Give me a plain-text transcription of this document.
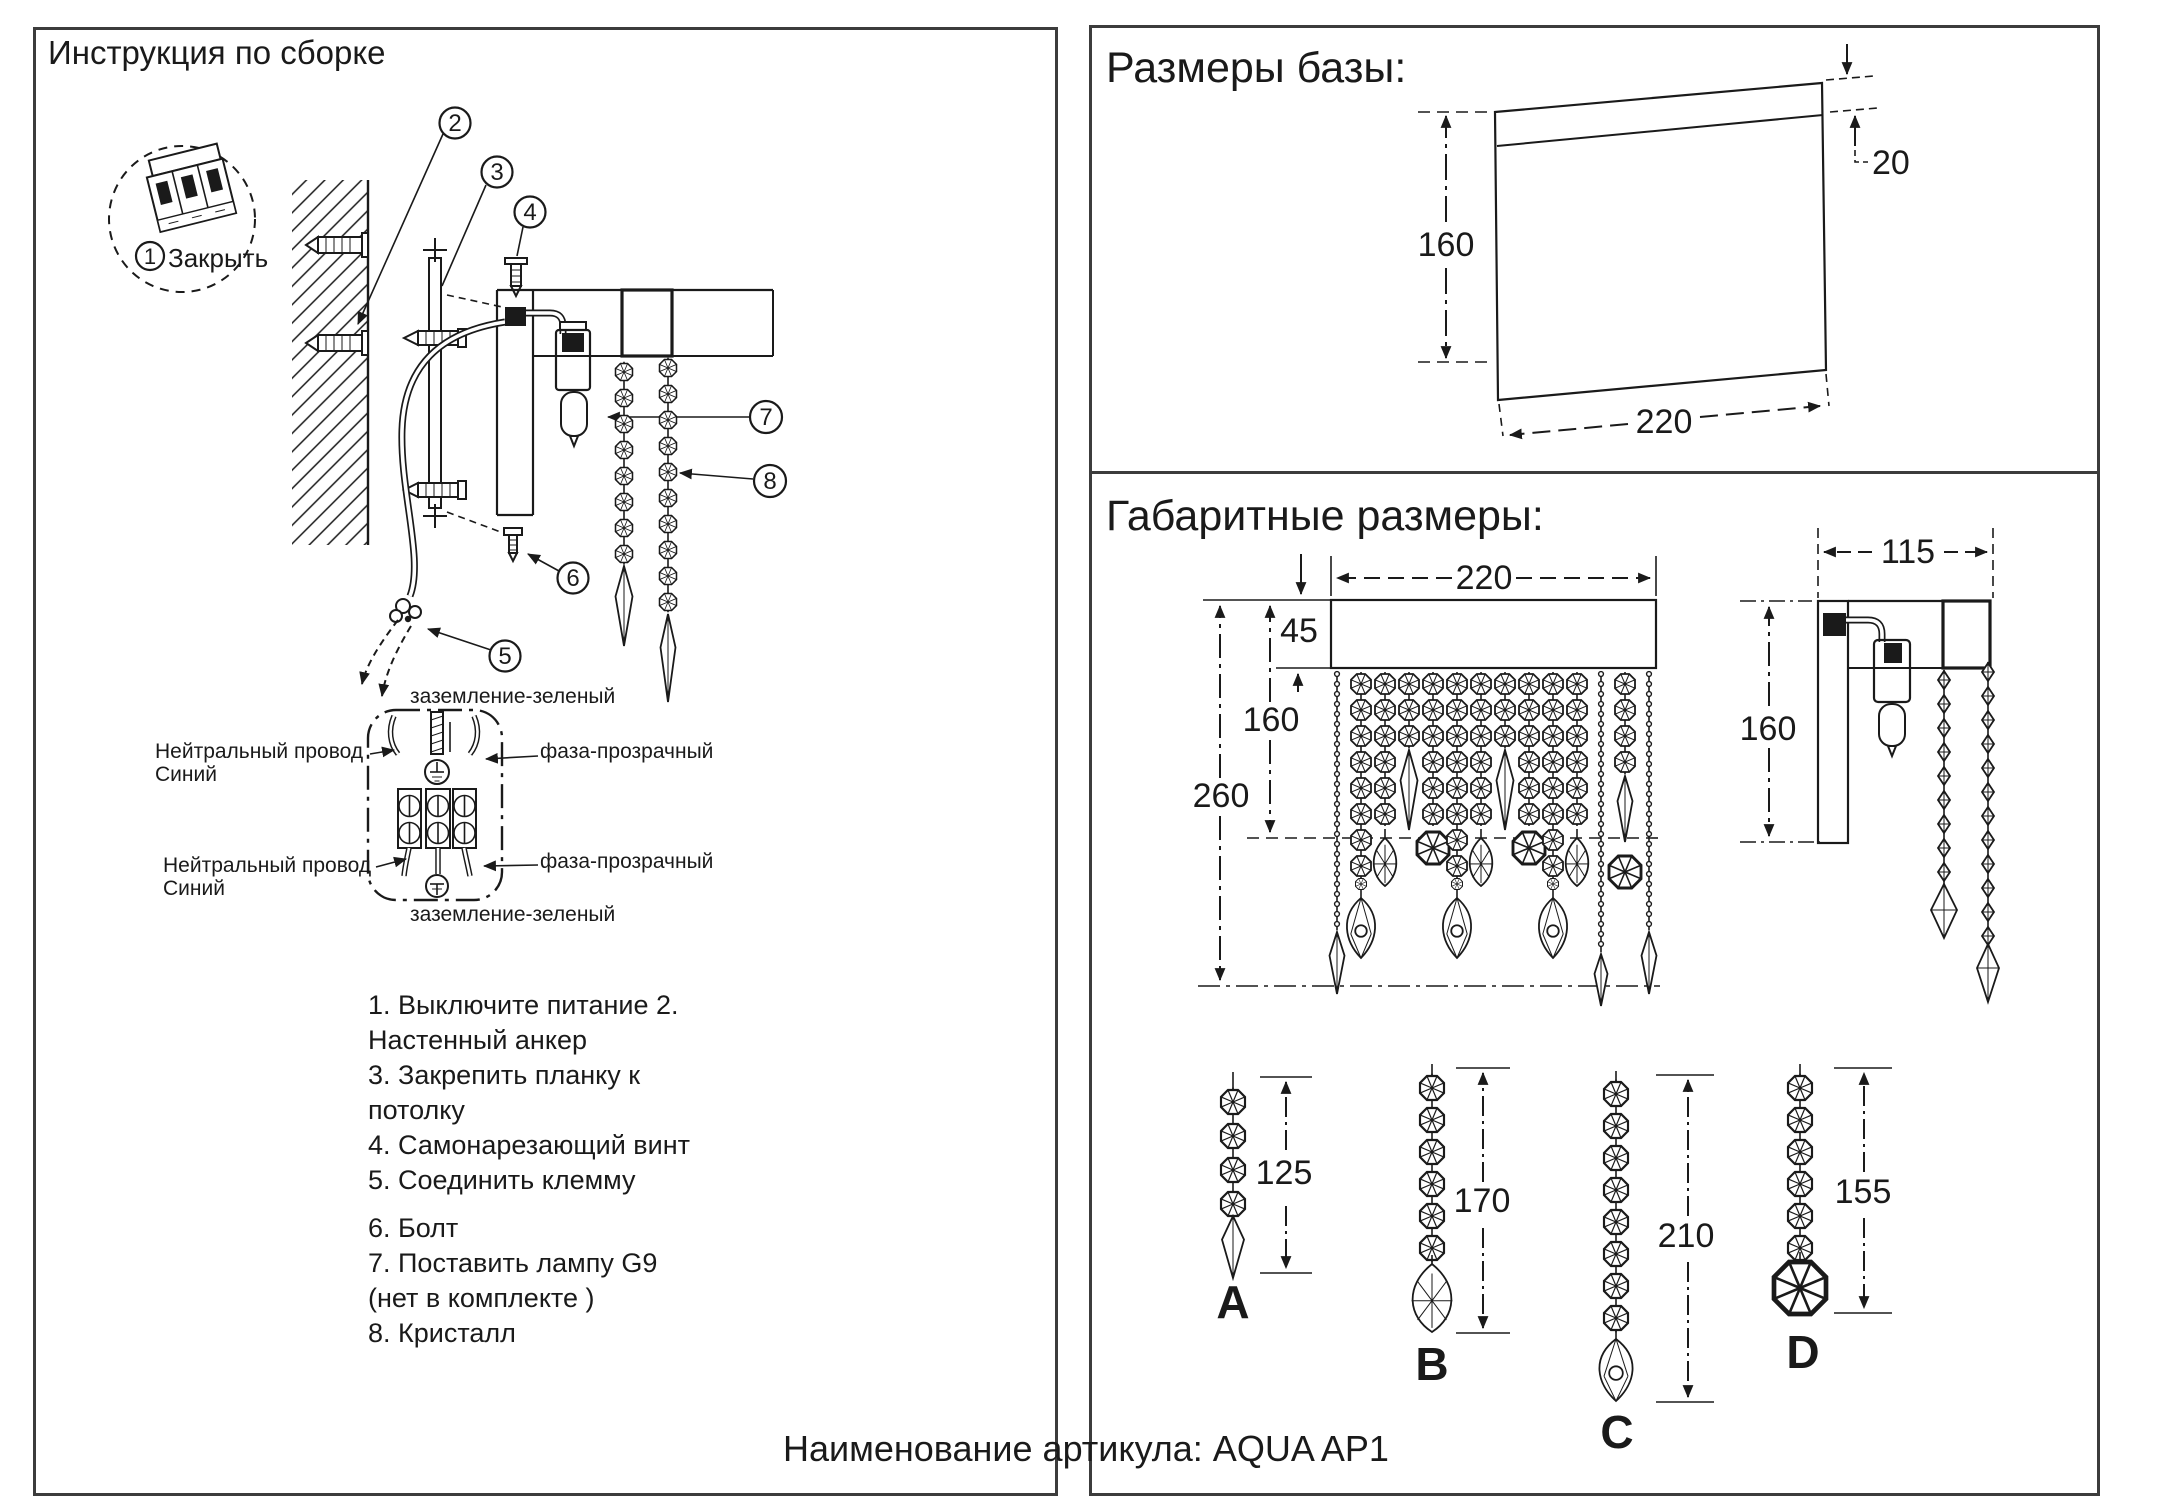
1
2
3
4
5
6
7
8
160
220
20
220
45
160
260
115
160
125
A
170
B
210
C
155
D
Инструкция по сборке	Размеры базы:
Габаритные размеры:
Закрыть
заземление-зеленый
Нейтральный провод
Синий
фаза-прозрачный
Нейтральный провод
Синий
фаза-прозрачный
заземление-зеленый
1. Выключите питание 2.
Настенный анкер
3. Закрепить планку к
потолку
4. Самонарезающий винт
5. Соединить клемму
6. Болт
7. Поставить лампу G9
(нет в комплекте )
8. Кристалл
Наименование артикула: AQUA AP1
